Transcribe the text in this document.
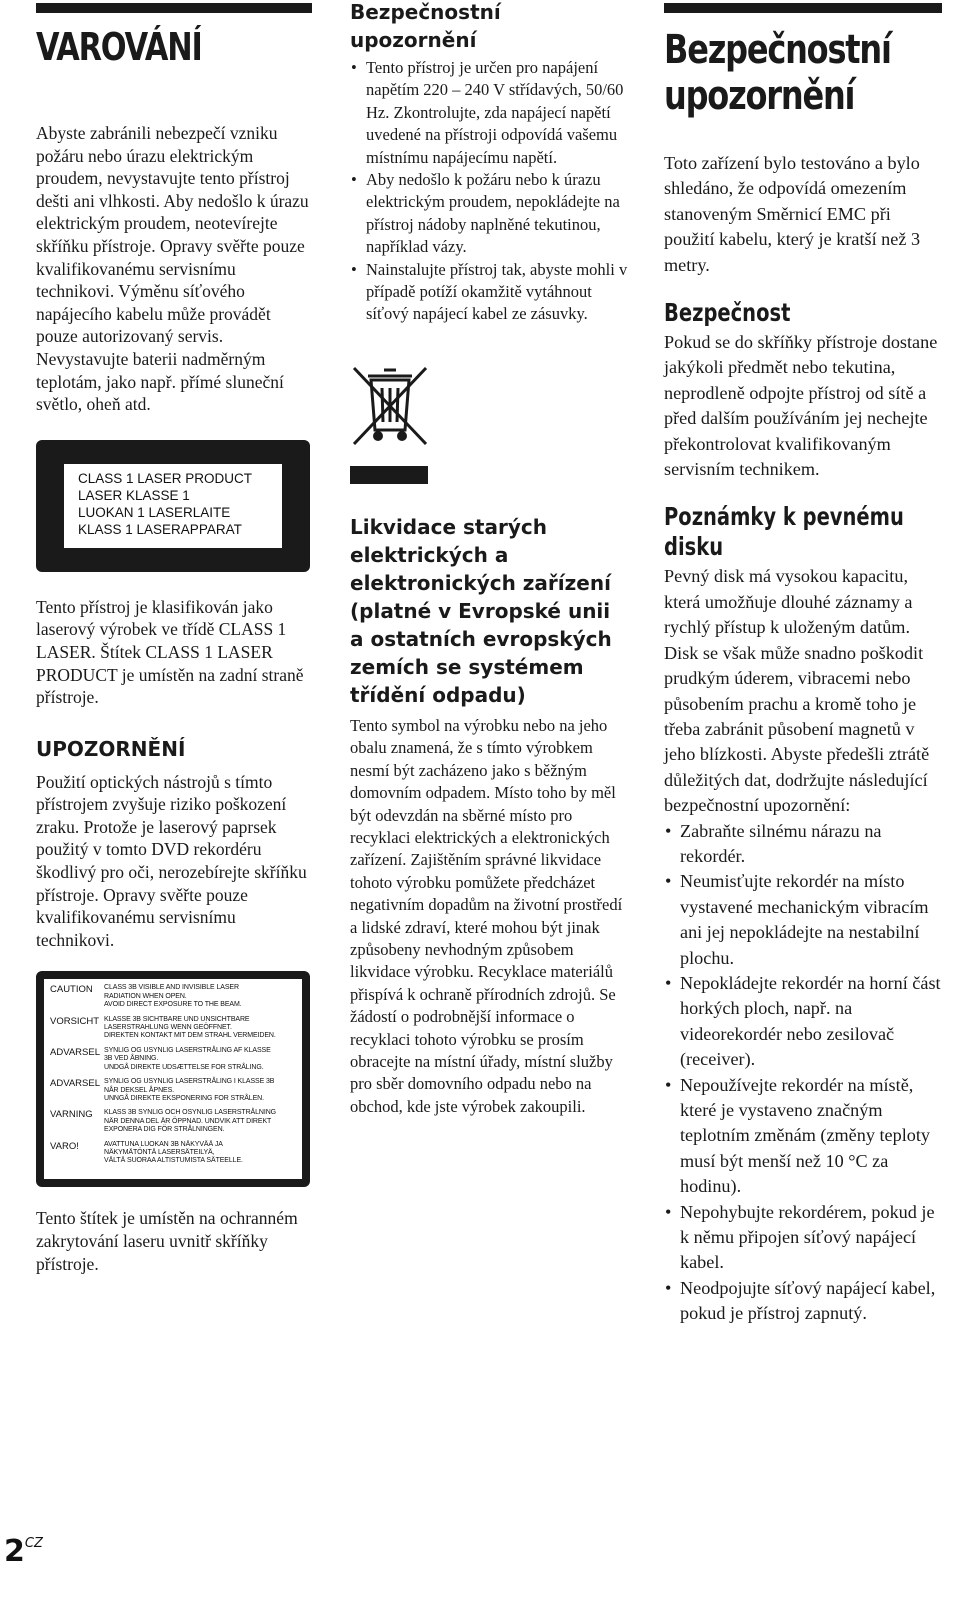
VAROVÁNÍ

Abyste zabránili nebezpečí vzniku požáru nebo úrazu elektrickým proudem, nevystavujte tento přístroj dešti ani vlhkosti. Aby nedošlo k úrazu elektrickým proudem, neotevírejte skříňku přístroje. Opravy svěřte pouze kvalifikovanému servisnímu technikovi. Výměnu síťového napájecího kabelu může provádět pouze autorizovaný servis. Nevystavujte baterii nadměrným teplotám, jako např. přímé sluneční světlo, oheň atd.

CLASS 1 LASER PRODUCT
LASER KLASSE 1
LUOKAN 1 LASERLAITE
KLASS 1 LASERAPPARAT

Tento přístroj je klasifikován jako laserový výrobek ve třídě CLASS 1 LASER. Štítek CLASS 1 LASER PRODUCT je umístěn na zadní straně přístroje.

UPOZORNĚNÍ

Použití optických nástrojů s tímto přístrojem zvyšuje riziko poškození zraku. Protože je laserový paprsek použitý v tomto DVD rekordéru škodlivý pro oči, nerozebírejte skříňku přístroje. Opravy svěřte pouze kvalifikovanému servisnímu technikovi.

CAUTION	CLASS 3B VISIBLE AND INVISIBLE LASER
RADIATION WHEN OPEN.
AVOID DIRECT EXPOSURE TO THE BEAM.
VORSICHT KLASSE 3B SICHTBARE UND UNSICHTBARE
LASERSTRAHLUNG WENN GEÖFFNET.
DIREKTEN KONTAKT MIT DEM STRAHL VERMEIDEN.
ADVARSEL SYNLIG OG USYNLIG LASERSTRÅLING AF KLASSE
3B VED ÅBNING.
UNDGÅ DIREKTE UDSÆTTELSE FOR STRÅLING.
ADVARSEL SYNLIG OG USYNLIG LASERSTRÅLING I KLASSE 3B
NÅR DEKSEL ÅPNES.
UNNGÅ DIREKTE EKSPONERING FOR STRÅLEN.
VARNING	KLASS 3B SYNLIG OCH OSYNLIG LASERSTRÅLNING
NÄR DENNA DEL ÄR ÖPPNAD. UNDVIK ATT DIREKT
EXPONERA DIG FÖR STRÅLNINGEN.
VARO!	AVATTUNA LUOKAN 3B NÄKYVÄÄ JA
NÄKYMÄTÖNTÄ LASERSÄTEILYÄ,
VÄLTÄ SUORAA ALTISTUMISTA SÄTEELLE.

Tento štítek je umístěn na ochranném zakrytování laseru uvnitř skříňky přístroje.

Bezpečnostní upozornění
• Tento přístroj je určen pro napájení napětím 220 – 240 V střídavých, 50/60 Hz. Zkontrolujte, zda napájecí napětí uvedené na přístroji odpovídá vašemu místnímu napájecímu napětí.
• Aby nedošlo k požáru nebo k úrazu elektrickým proudem, nepokládejte na přístroj nádoby naplněné tekutinou, například vázy.
• Nainstalujte přístroj tak, abyste mohli v případě potíží okamžitě vytáhnout síťový napájecí kabel ze zásuvky.
Likvidace starých elektrických a elektronických zařízení (platné v Evropské unii a ostatních evropských zemích se systémem třídění odpadu)

Tento symbol na výrobku nebo na jeho obalu znamená, že s tímto výrobkem nesmí být zacházeno jako s běžným domovním odpadem. Místo toho by měl být odevzdán na sběrné místo pro recyklaci elektrických a elektronických zařízení. Zajištěním správné likvidace tohoto výrobku pomůžete předcházet negativním dopadům na životní prostředí a lidské zdraví, které mohou být jinak způsobeny nevhodným způsobem likvidace výrobku. Recyklace materiálů přispívá k ochraně přírodních zdrojů. Se žádostí o podrobnější informace o recyklaci tohoto výrobku se prosím obracejte na místní úřady, místní služby pro sběr domovního odpadu nebo na obchod, kde jste výrobek zakoupili.

Bezpečnostní upozornění

Toto zařízení bylo testováno a bylo shledáno, že odpovídá omezením stanoveným Směrnicí EMC při použití kabelu, který je kratší než 3 metry.

Bezpečnost

Pokud se do skříňky přístroje dostane jakýkoli předmět nebo tekutina, neprodleně odpojte přístroj od sítě a před dalším používáním jej nechejte překontrolovat kvalifikovaným servisním technikem.

Poznámky k pevnému disku

Pevný disk má vysokou kapacitu, která umožňuje dlouhé záznamy a rychlý přístup k uloženým datům. Disk se však může snadno poškodit prudkým úderem, vibracemi nebo působením prachu a kromě toho je třeba zabránit působení magnetů v jeho blízkosti. Abyste předešli ztrátě důležitých dat, dodržujte následující bezpečnostní upozornění:

• Zabraňte silnému nárazu na rekordér.
• Neumisťujte rekordér na místo vystavené mechanickým vibracím ani jej nepokládejte na nestabilní plochu.
• Nepokládejte rekordér na horní část horkých ploch, např. na videorekordér nebo zesilovač (receiver).
• Nepoužívejte rekordér na místě, které je vystaveno značným teplotním změnám (změny teploty musí být menší než 10 °C za hodinu).
• Nepohybujte rekordérem, pokud je k němu připojen síťový napájecí kabel.
• Neodpojujte síťový napájecí kabel, pokud je přístroj zapnutý.
$2^{CZ}$
